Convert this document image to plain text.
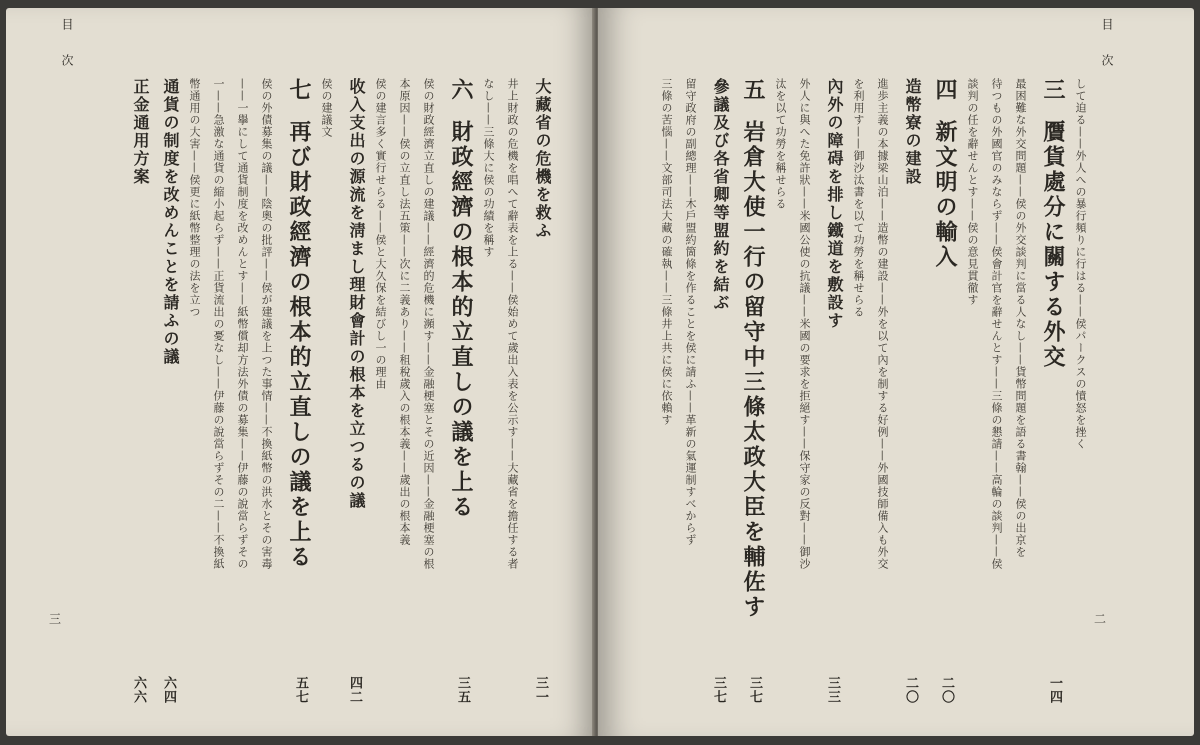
目　次
三
大藏省の危機を救ふ
三一
井上財政の危機を唱へて辭表を上る——侯始めて歲出入表を公示す——大藏省を擔任する者
なし——三條大に侯の功績を稱す
六　財政經濟の根本的立直しの議を上る
三五
侯の財政經濟立直しの建議——經濟的危機に瀕す——金融梗塞とその近因——金融梗塞の根
本原因——侯の立直し法五策——次に二義あり——租稅歲入の根本義——歲出の根本義
侯の建言多く實行せらる——侯と大久保を結びし一の理由
收入支出の源流を淸まし理財會計の根本を立つるの議
四二
侯の建議文
七　再び財政經濟の根本的立直しの議を上る
五七
侯の外債募集の議——陰奧の批評——侯が建議を上つた事情——不換紙幣の洪水とその害毒
——一擧にして通貨制度を改めんとす——紙幣償却方法外債の募集——伊藤の說當らずその
一——急激な通貨の縮小起らず——正貨流出の憂なし——伊藤の說當らずその二——不換紙
幣通用の大害——侯更に紙幣整理の法を立つ
通貨の制度を改めんことを請ふの議
六四
正金通用方案
六六
目　次
二
して迫る——外人への暴行頻りに行はる——侯パークスの憤怒を挫く
三　贋貨處分に關する外交
一四
最困難な外交問題——侯の外交談判に當る人なし——貨幣問題を語る書翰——侯の出京を
待つもの外國官のみならず——侯會計官を辭せんとす——三條の懇請——高輪の談判——侯
談判の任を辭せんとす——侯の意見貫徹す
四　新文明の輸入
二〇
造幣寮の建設
二〇
進歩主義の本據梁山泊——造幣の建設——外を以て內を制する好例——外國技師備入も外交
を利用す——御沙汰書を以て功勞を稱せらる
內外の障碍を排し鐵道を敷設す
三三
外人に與へた免許狀——米國公使の抗議——米國の要求を拒絕す——保守家の反對——御沙
汰を以て功勞を稱せらる
五　岩倉大使一行の留守中三條太政大臣を輔佐す
三七
參議及び各省卿等盟約を結ぶ
三七
留守政府の副總理——木戶盟約箇條を作ることを侯に請ふ——革新の氣運制すべからず
三條の苦惱——文部司法大藏の確執——三條井上共に侯に依賴す
